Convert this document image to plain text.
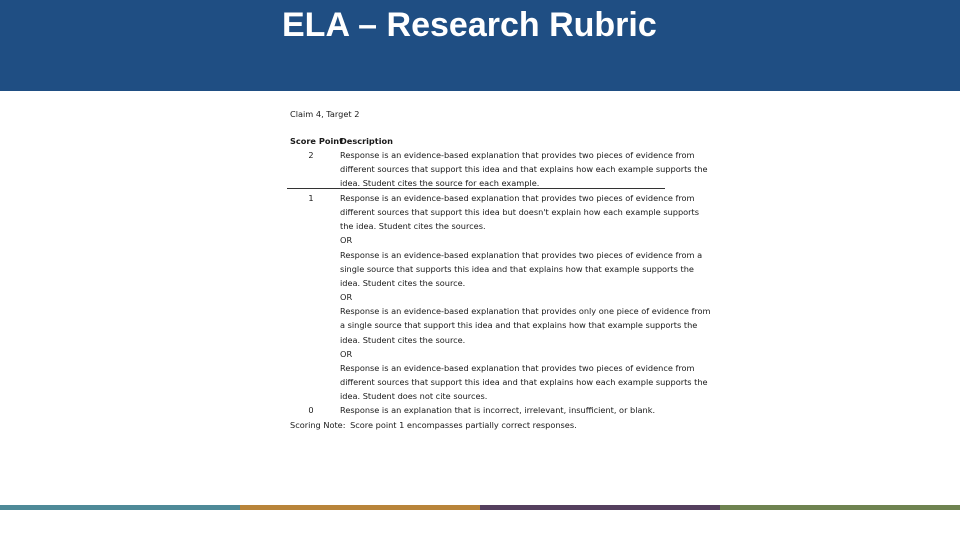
ELA – Research Rubric
Claim 4, Target 2
Score Point
Description
2	Response is an evidence-based explanation that provides two pieces of evidence from
different sources that support this idea and that explains how each example supports the
idea. Student cites the source for each example.
1	Response is an evidence-based explanation that provides two pieces of evidence from
different sources that support this idea but doesn't explain how each example supports
the idea. Student cites the sources.
OR
Response is an evidence-based explanation that provides two pieces of evidence from a
single source that supports this idea and that explains how that example supports the
idea. Student cites the source.
OR
Response is an evidence-based explanation that provides only one piece of evidence from
a single source that support this idea and that explains how that example supports the
idea. Student cites the source.
OR
Response is an evidence-based explanation that provides two pieces of evidence from
different sources that support this idea and that explains how each example supports the
idea. Student does not cite sources.
0	Response is an explanation that is incorrect, irrelevant, insufficient, or blank.
Scoring Note: Score point 1 encompasses partially correct responses.
